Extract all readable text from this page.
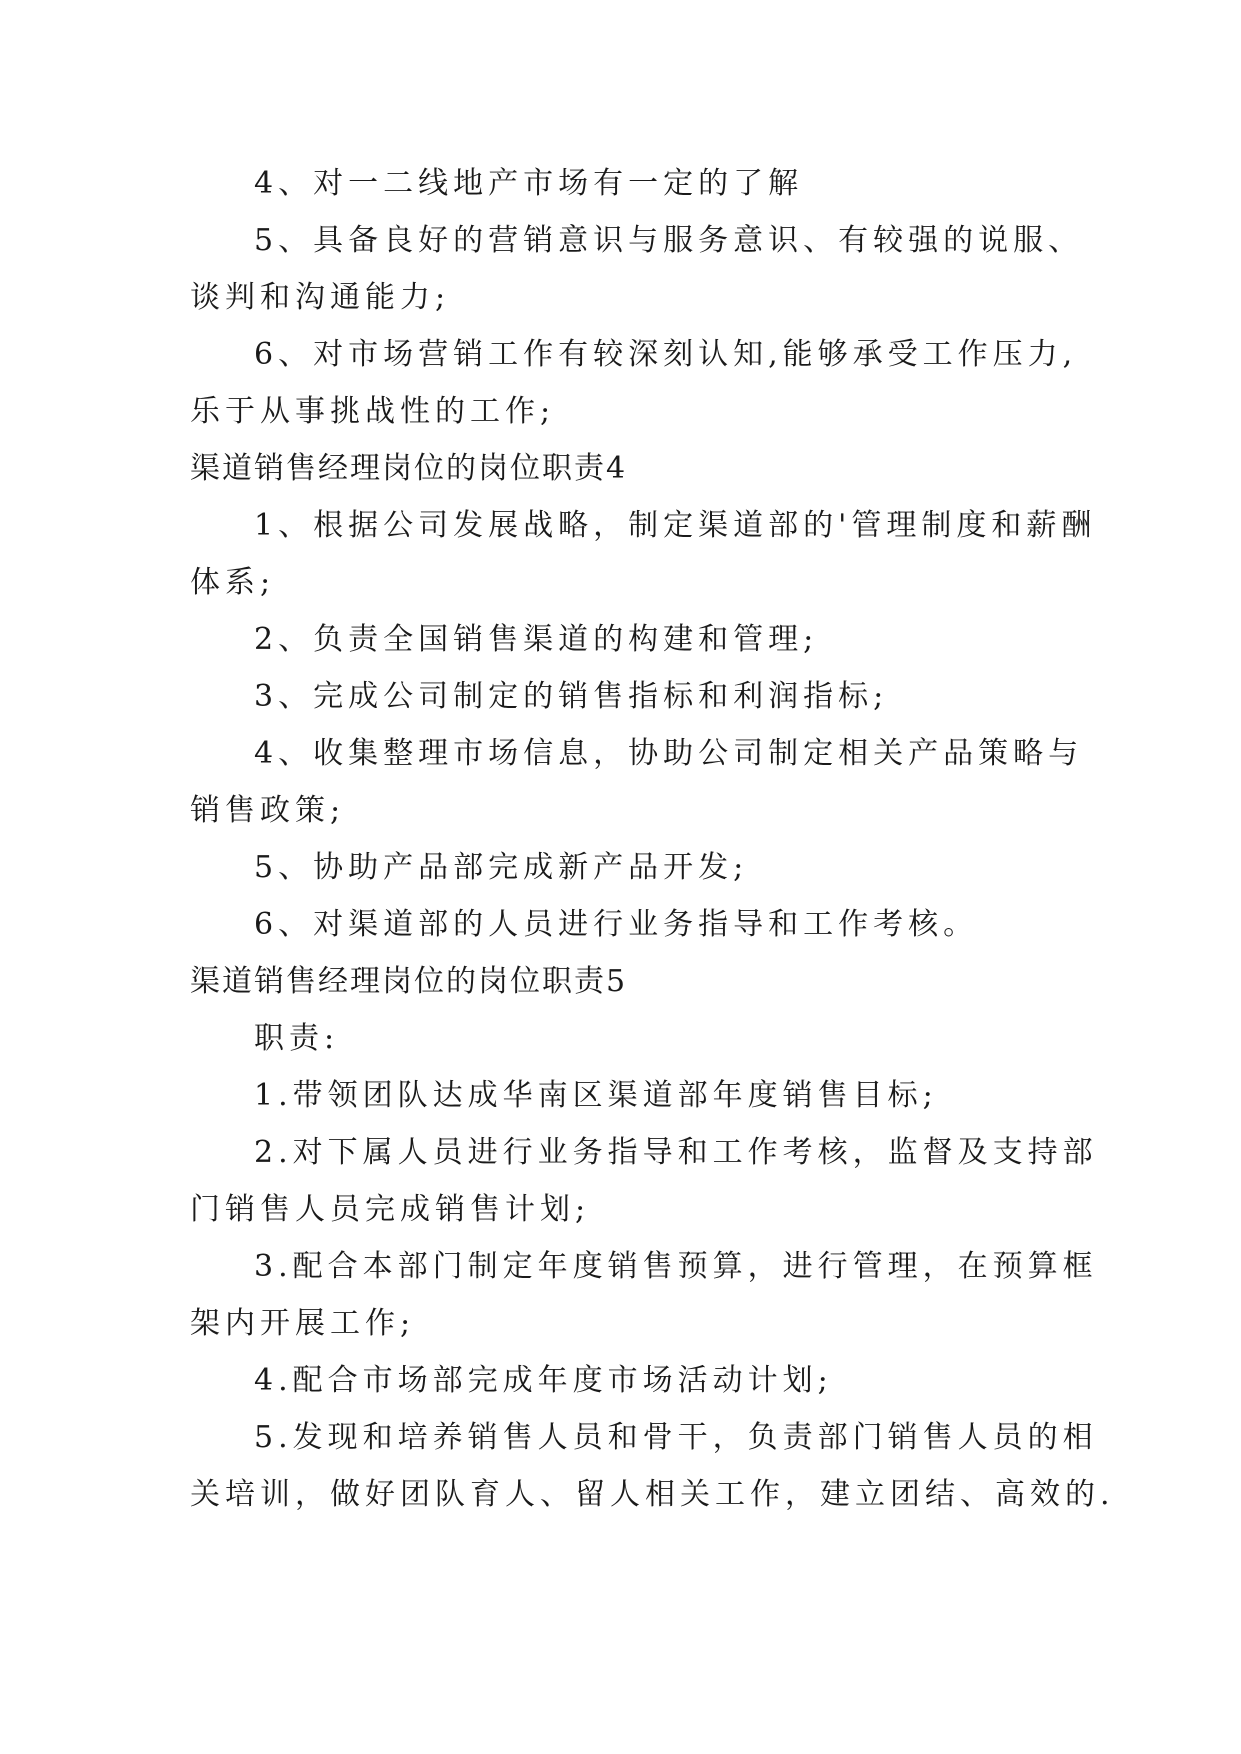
4、对一二线地产市场有一定的了解
5、具备良好的营销意识与服务意识、有较强的说服、
谈判和沟通能力;
6、对市场营销工作有较深刻认知,能够承受工作压力,
乐于从事挑战性的工作;
渠道销售经理岗位的岗位职责4
1、根据公司发展战略，制定渠道部的'管理制度和薪酬
体系;
2、负责全国销售渠道的构建和管理;
3、完成公司制定的销售指标和利润指标;
4、收集整理市场信息，协助公司制定相关产品策略与
销售政策;
5、协助产品部完成新产品开发;
6、对渠道部的人员进行业务指导和工作考核。
渠道销售经理岗位的岗位职责5
职责:
1.带领团队达成华南区渠道部年度销售目标;
2.对下属人员进行业务指导和工作考核，监督及支持部
门销售人员完成销售计划;
3.配合本部门制定年度销售预算，进行管理，在预算框
架内开展工作;
4.配合市场部完成年度市场活动计划;
5.发现和培养销售人员和骨干，负责部门销售人员的相
关培训，做好团队育人、留人相关工作，建立团结、高效的.
